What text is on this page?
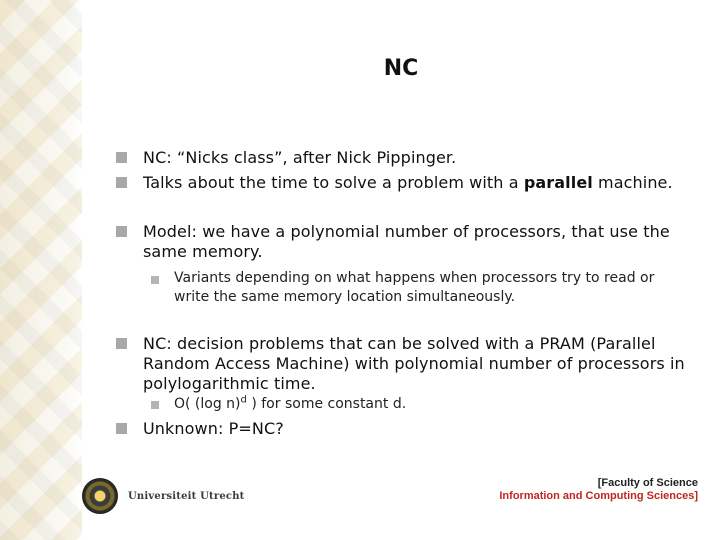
NC
NC: “Nicks class”, after Nick Pippinger.
Talks about the time to solve a problem with a parallel machine.
Model: we have a polynomial number of processors, that use the same memory.
Variants depending on what happens when processors try to read or write the same memory location simultaneously.
NC: decision problems that can be solved with a PRAM (Parallel Random Access Machine) with polynomial number of processors in polylogarithmic time.
O( (log n)$^d$ ) for some constant d.
Unknown: P=NC?
Universiteit Utrecht
[Faculty of Science
Information and Computing Sciences]
